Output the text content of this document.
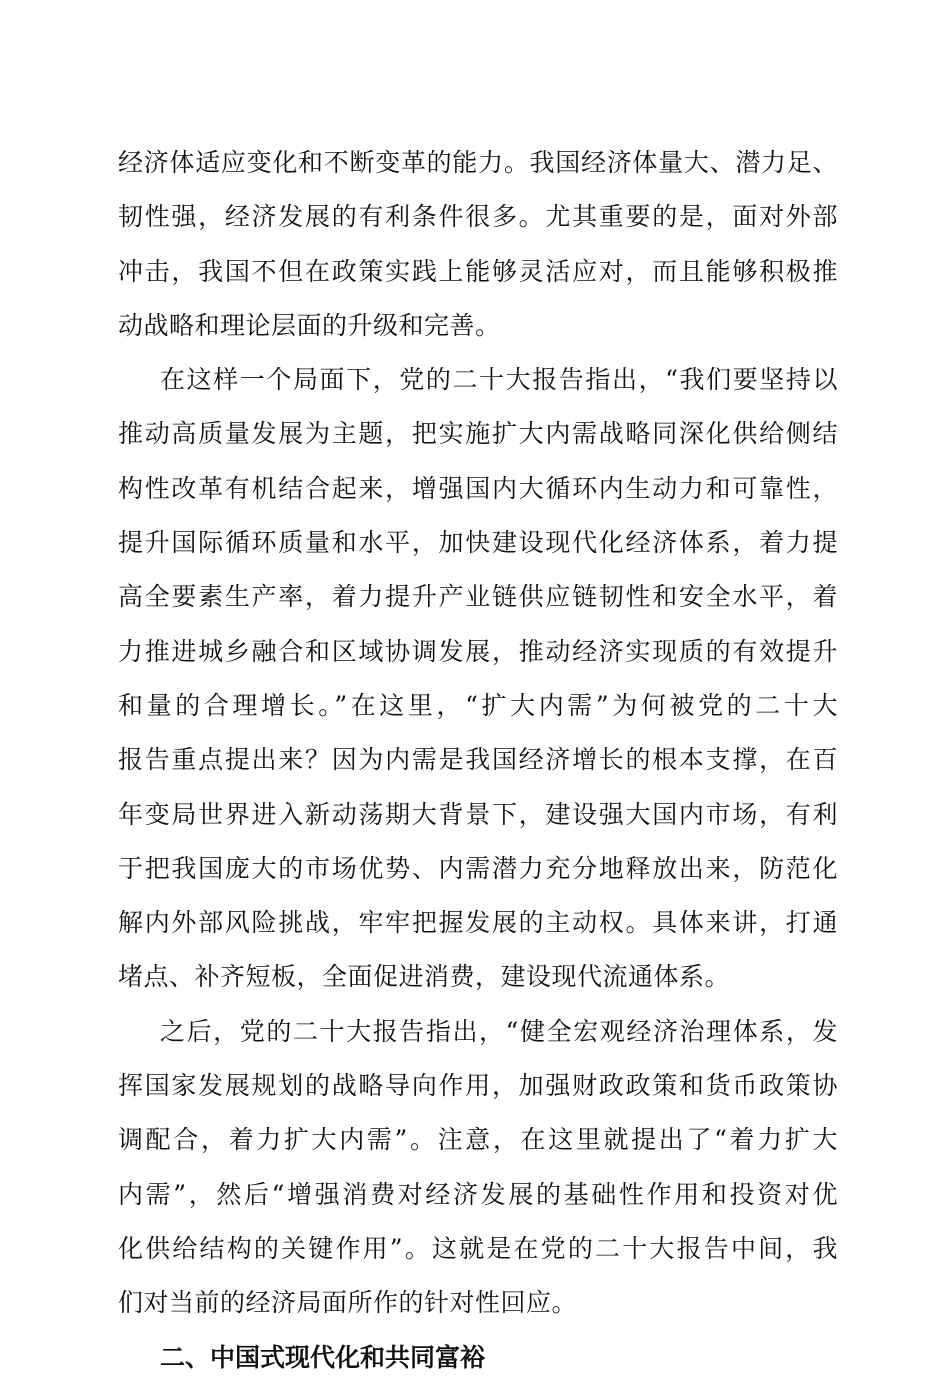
经济体适应变化和不断变革的能力。我国经济体量大、潜力足、
韧性强，经济发展的有利条件很多。尤其重要的是，面对外部
冲击，我国不但在政策实践上能够灵活应对，而且能够积极推
动战略和理论层面的升级和完善。
在这样一个局面下，党的二十大报告指出，“我们要坚持以
推动高质量发展为主题，把实施扩大内需战略同深化供给侧结
构性改革有机结合起来，增强国内大循环内生动力和可靠性，
提升国际循环质量和水平，加快建设现代化经济体系，着力提
高全要素生产率，着力提升产业链供应链韧性和安全水平，着
力推进城乡融合和区域协调发展，推动经济实现质的有效提升
和量的合理增长。”在这里，“扩大内需”为何被党的二十大
报告重点提出来？因为内需是我国经济增长的根本支撑，在百
年变局世界进入新动荡期大背景下，建设强大国内市场，有利
于把我国庞大的市场优势、内需潜力充分地释放出来，防范化
解内外部风险挑战，牢牢把握发展的主动权。具体来讲，打通
堵点、补齐短板，全面促进消费，建设现代流通体系。
之后，党的二十大报告指出，“健全宏观经济治理体系，发
挥国家发展规划的战略导向作用，加强财政政策和货币政策协
调配合，着力扩大内需”。注意，在这里就提出了“着力扩大
内需”，然后“增强消费对经济发展的基础性作用和投资对优
化供给结构的关键作用”。这就是在党的二十大报告中间，我
们对当前的经济局面所作的针对性回应。
二、中国式现代化和共同富裕
